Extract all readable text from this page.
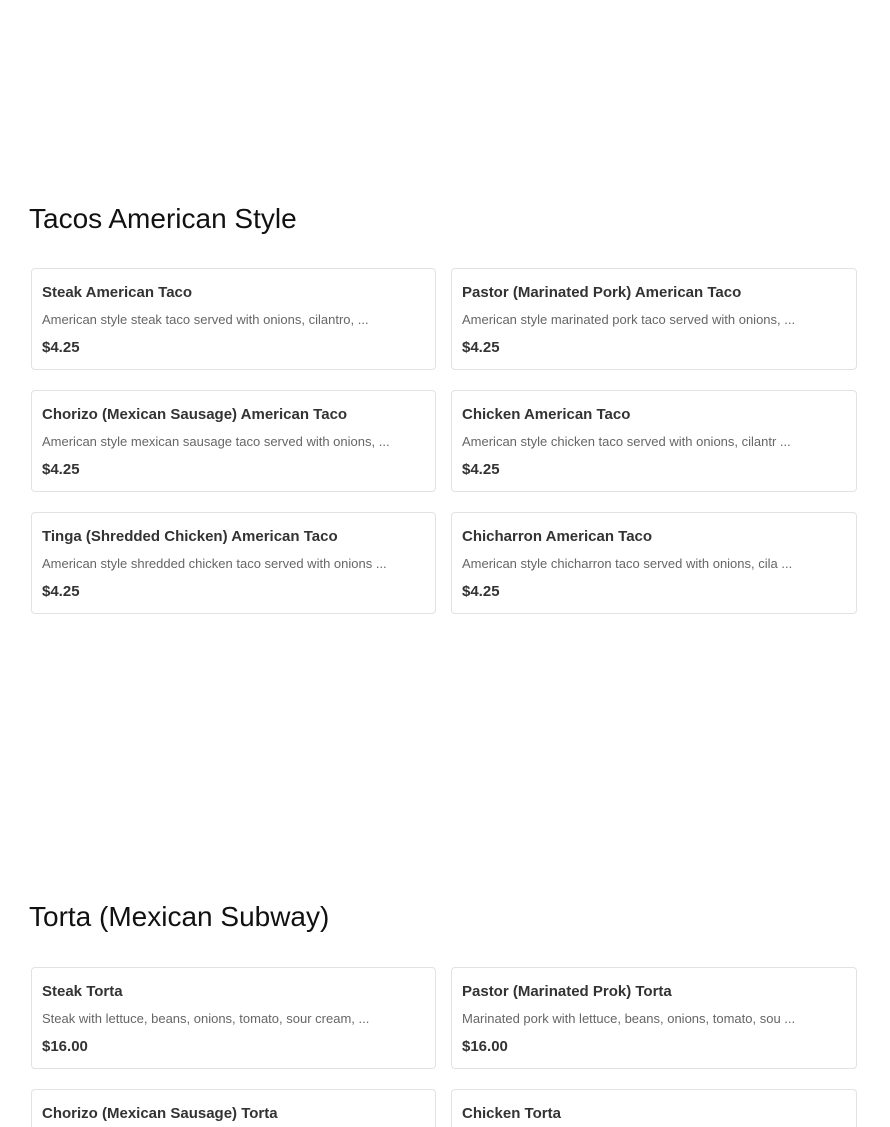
Tacos American Style
Steak American Taco
American style steak taco served with onions, cilantro, ...
$4.25
Pastor (Marinated Pork) American Taco
American style marinated pork taco served with onions, ...
$4.25
Chorizo (Mexican Sausage) American Taco
American style mexican sausage taco served with onions, ...
$4.25
Chicken American Taco
American style chicken taco served with onions, cilantr ...
$4.25
Tinga (Shredded Chicken) American Taco
American style shredded chicken taco served with onions ...
$4.25
Chicharron American Taco
American style chicharron taco served with onions, cila ...
$4.25
Torta (Mexican Subway)
Steak Torta
Steak with lettuce, beans, onions, tomato, sour cream, ...
$16.00
Pastor (Marinated Prok) Torta
Marinated pork with lettuce, beans, onions, tomato, sou ...
$16.00
Chorizo (Mexican Sausage) Torta	Chicken Torta
